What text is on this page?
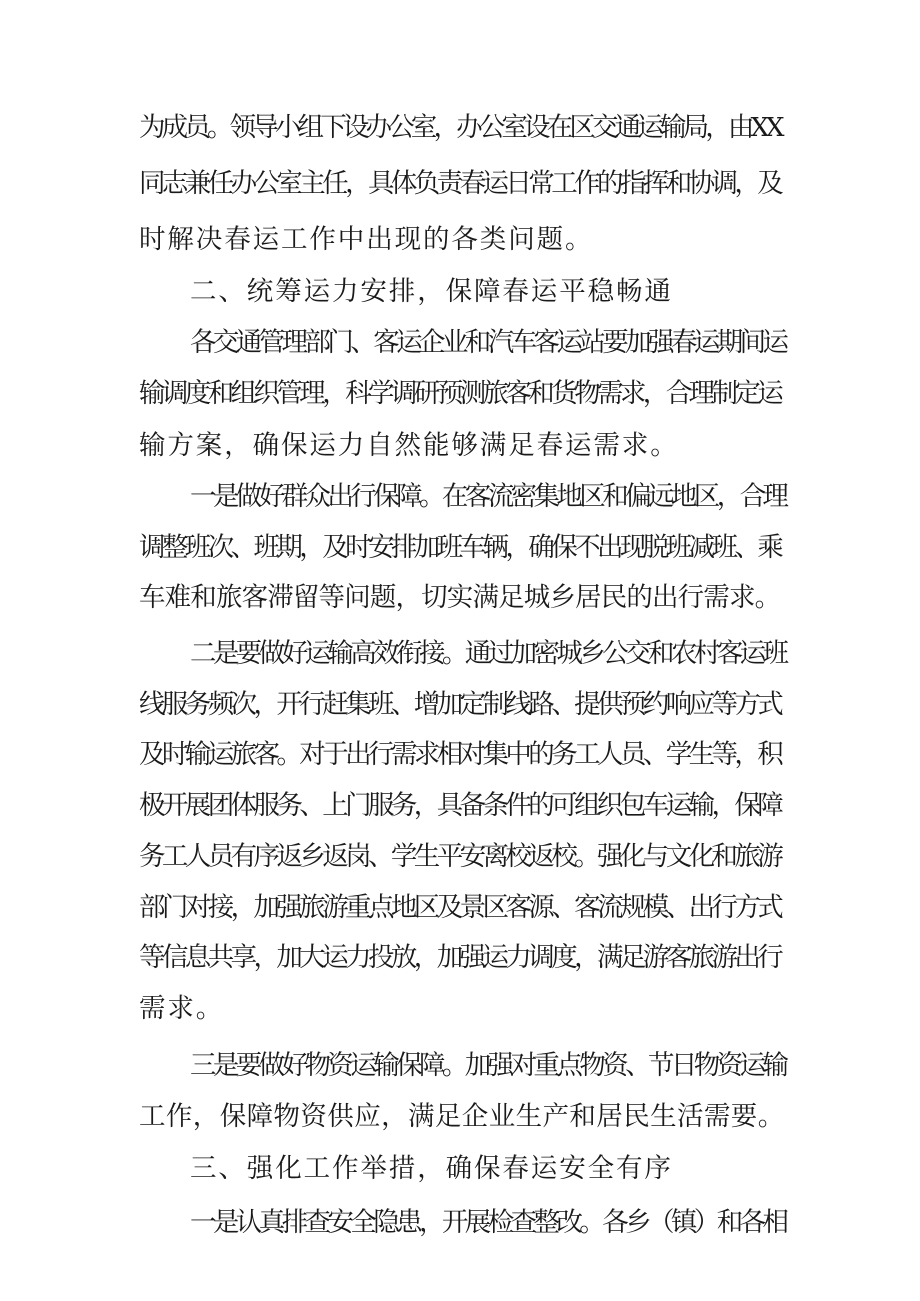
为成员。领导小组下设办公室，办公室设在区交通运输局，由XX
同志兼任办公室主任，具体负责春运日常工作的指挥和协调，及
时解决春运工作中出现的各类问题。
二、统筹运力安排，保障春运平稳畅通
各交通管理部门、客运企业和汽车客运站要加强春运期间运
输调度和组织管理，科学调研预测旅客和货物需求，合理制定运
输方案，确保运力自然能够满足春运需求。
一是做好群众出行保障。在客流密集地区和偏远地区，合理
调整班次、班期，及时安排加班车辆，确保不出现脱班减班、乘
车难和旅客滞留等问题，切实满足城乡居民的出行需求。
二是要做好运输高效衔接。通过加密城乡公交和农村客运班
线服务频次，开行赶集班、增加定制线路、提供预约响应等方式
及时输运旅客。对于出行需求相对集中的务工人员、学生等，积
极开展团体服务、上门服务，具备条件的可组织包车运输，保障
务工人员有序返乡返岗、学生平安离校返校。强化与文化和旅游
部门对接，加强旅游重点地区及景区客源、客流规模、出行方式
等信息共享，加大运力投放，加强运力调度，满足游客旅游出行
需求。
三是要做好物资运输保障。加强对重点物资、节日物资运输
工作，保障物资供应，满足企业生产和居民生活需要。
三、强化工作举措，确保春运安全有序
一是认真排查安全隐患，开展检查整改。各乡（镇）和各相
